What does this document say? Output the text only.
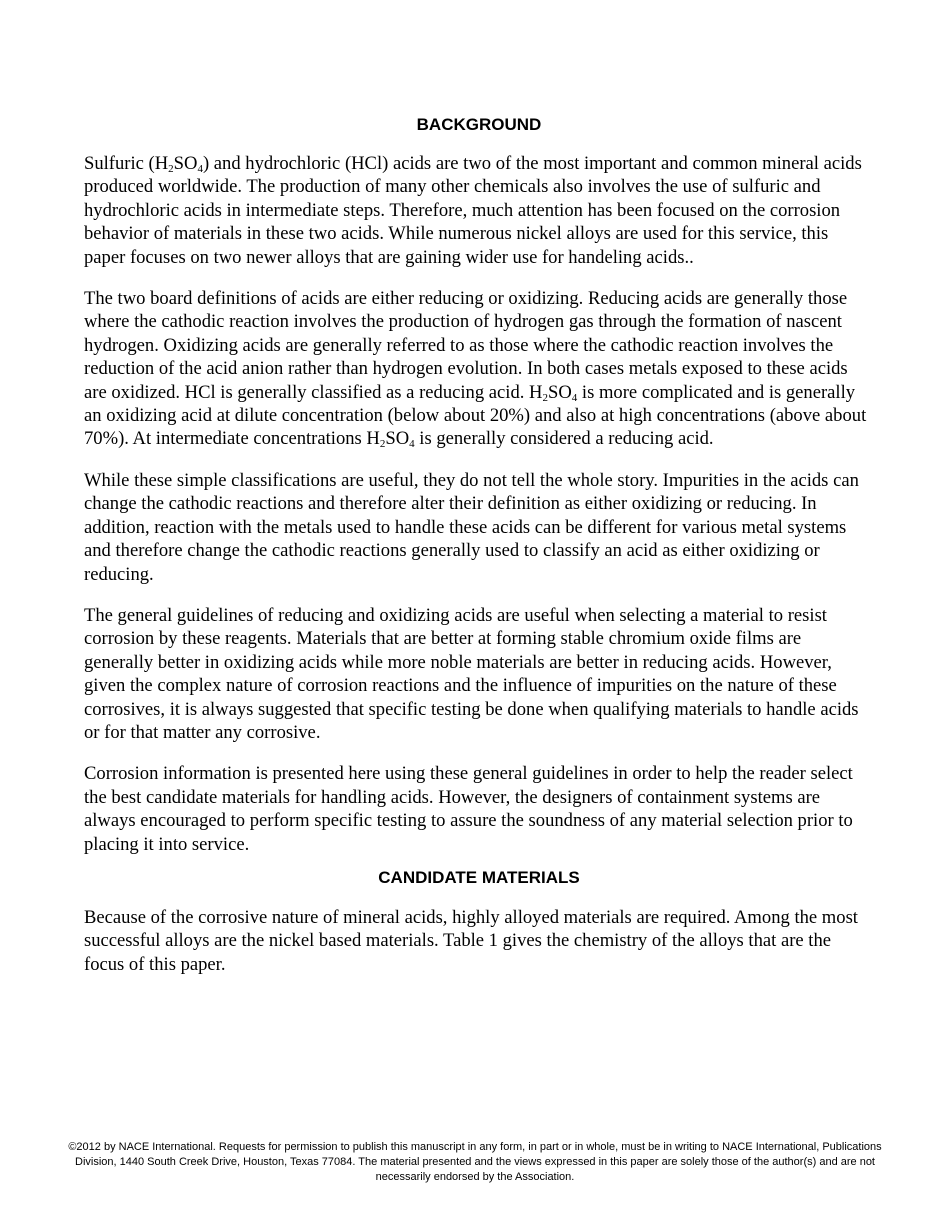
BACKGROUND

Sulfuric $(H_2SO_4)$ and hydrochloric (HCl) acids are two of the most important and common mineral acids produced worldwide. The production of many other chemicals also involves the use of sulfuric and hydrochloric acids in intermediate steps. Therefore, much attention has been focused on the corrosion behavior of materials in these two acids. While numerous nickel alloys are used for this service, this paper focuses on two newer alloys that are gaining wider use for handeling acids..

The two board definitions of acids are either reducing or oxidizing. Reducing acids are generally those where the cathodic reaction involves the production of hydrogen gas through the formation of nascent hydrogen. Oxidizing acids are generally referred to as those where the cathodic reaction involves the reduction of the acid anion rather than hydrogen evolution. In both cases metals exposed to these acids are oxidized. HCl is generally classified as a reducing acid. $H_2SO_4$ is more complicated and is generally an oxidizing acid at dilute concentration (below about 20%) and also at high concentrations (above about 70%). At intermediate concentrations $H_2SO_4$ is generally considered a reducing acid.

While these simple classifications are useful, they do not tell the whole story. Impurities in the acids can change the cathodic reactions and therefore alter their definition as either oxidizing or reducing. In addition, reaction with the metals used to handle these acids can be different for various metal systems and therefore change the cathodic reactions generally used to classify an acid as either oxidizing or reducing.

The general guidelines of reducing and oxidizing acids are useful when selecting a material to resist corrosion by these reagents. Materials that are better at forming stable chromium oxide films are generally better in oxidizing acids while more noble materials are better in reducing acids. However, given the complex nature of corrosion reactions and the influence of impurities on the nature of these corrosives, it is always suggested that specific testing be done when qualifying materials to handle acids or for that matter any corrosive.

Corrosion information is presented here using these general guidelines in order to help the reader select the best candidate materials for handling acids. However, the designers of containment systems are always encouraged to perform specific testing to assure the soundness of any material selection prior to placing it into service.

CANDIDATE MATERIALS

Because of the corrosive nature of mineral acids, highly alloyed materials are required. Among the most successful alloys are the nickel based materials. Table 1 gives the chemistry of the alloys that are the focus of this paper.

©2012 by NACE International. Requests for permission to publish this manuscript in any form, in part or in whole, must be in writing to NACE International, Publications Division, 1440 South Creek Drive, Houston, Texas 77084. The material presented and the views expressed in this paper are solely those of the author(s) and are not necessarily endorsed by the Association.
